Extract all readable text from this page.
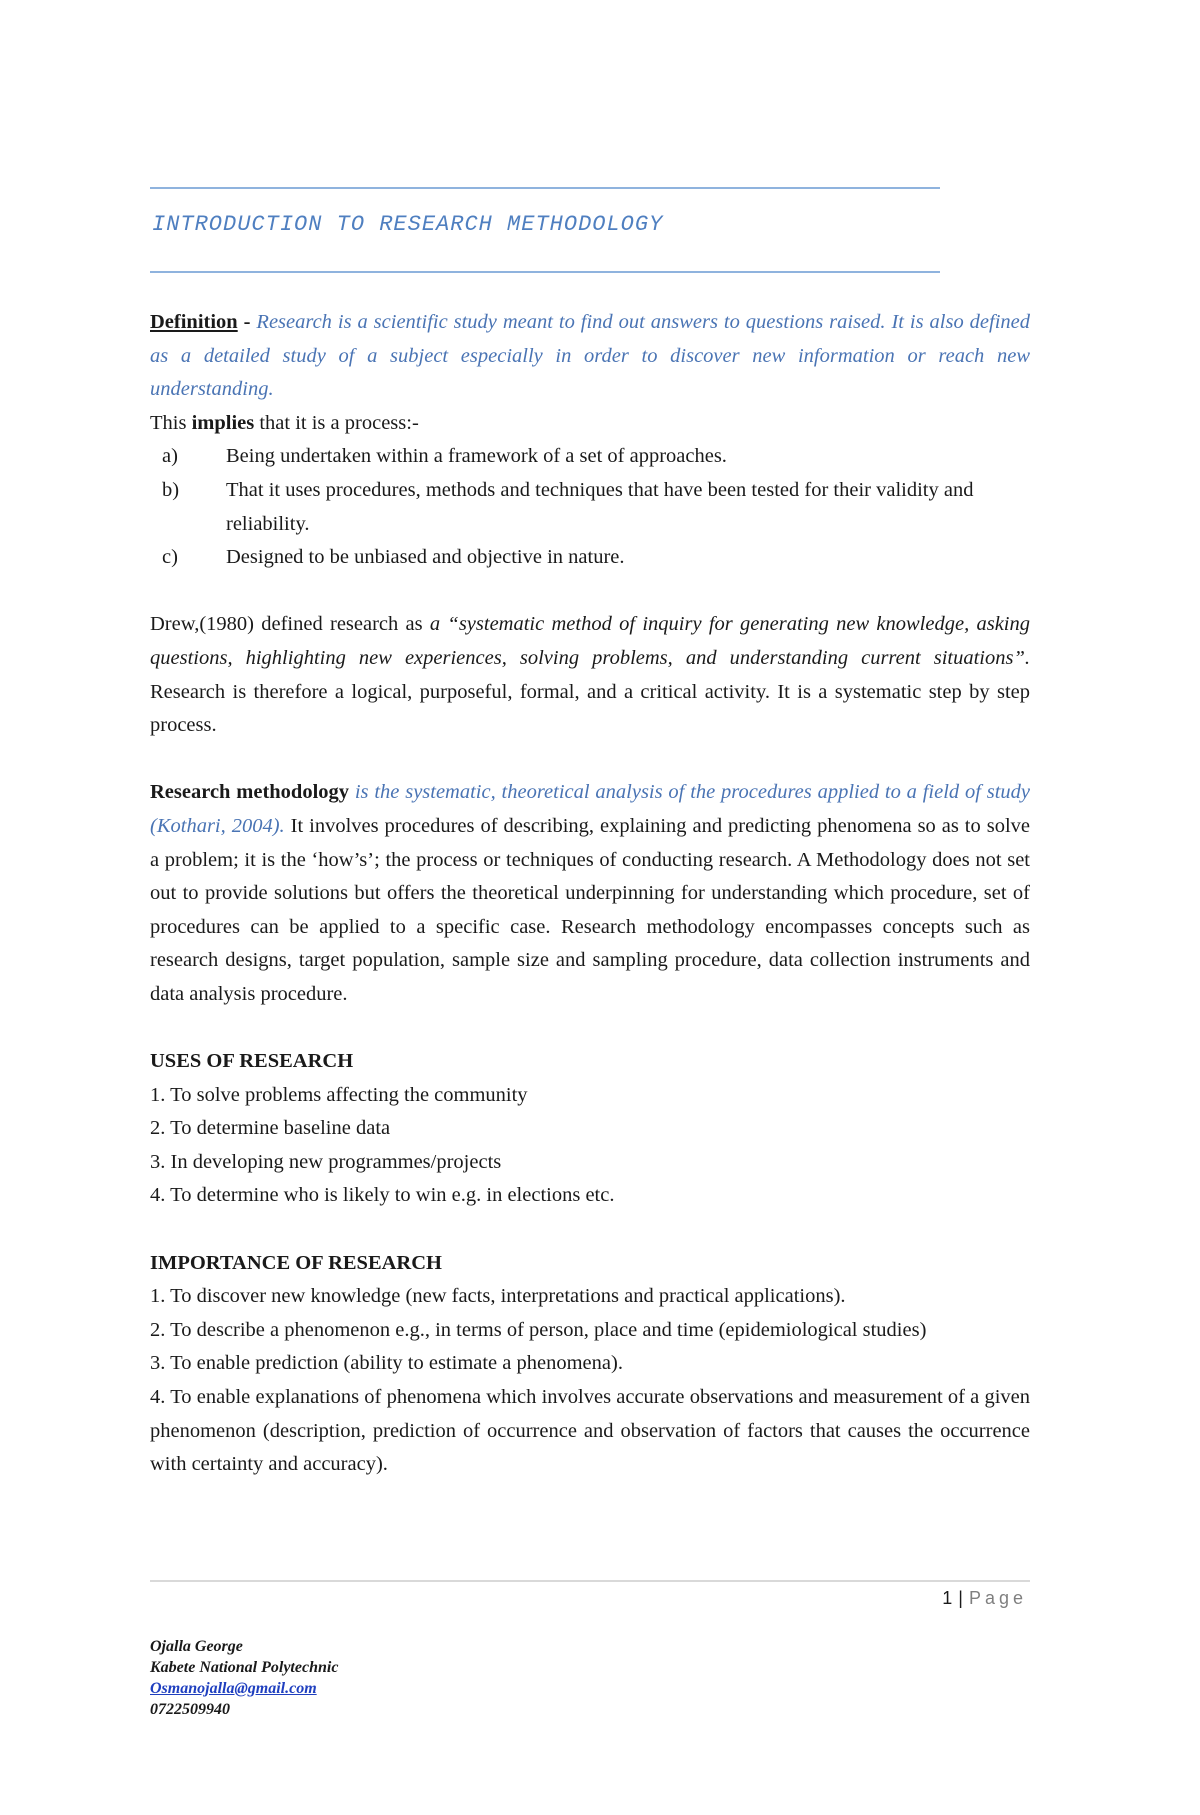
INTRODUCTION TO RESEARCH METHODOLOGY

Definition - Research is a scientific study meant to find out answers to questions raised. It is also defined as a detailed study of a subject especially in order to discover new information or reach new understanding.

This implies that it is a process:-

a) Being undertaken within a framework of a set of approaches.
b) That it uses procedures, methods and techniques that have been tested for their validity and reliability.
c) Designed to be unbiased and objective in nature.

Drew,(1980) defined research as a “systematic method of inquiry for generating new knowledge, asking questions, highlighting new experiences, solving problems, and understanding current situations”. Research is therefore a logical, purposeful, formal, and a critical activity. It is a systematic step by step process.

Research methodology is the systematic, theoretical analysis of the procedures applied to a field of study (Kothari, 2004). It involves procedures of describing, explaining and predicting phenomena so as to solve a problem; it is the ‘how’s’; the process or techniques of conducting research. A Methodology does not set out to provide solutions but offers the theoretical underpinning for understanding which procedure, set of procedures can be applied to a specific case. Research methodology encompasses concepts such as research designs, target population, sample size and sampling procedure, data collection instruments and data analysis procedure.

USES OF RESEARCH

1. To solve problems affecting the community

2. To determine baseline data

3. In developing new programmes/projects

4. To determine who is likely to win e.g. in elections etc.

IMPORTANCE OF RESEARCH

1. To discover new knowledge (new facts, interpretations and practical applications).

2. To describe a phenomenon e.g., in terms of person, place and time (epidemiological studies)

3. To enable prediction (ability to estimate a phenomena).

4. To enable explanations of phenomena which involves accurate observations and measurement of a given phenomenon (description, prediction of occurrence and observation of factors that causes the occurrence with certainty and accuracy).

1 | Page
Ojalla George
Kabete National Polytechnic
Osmanojalla@gmail.com
0722509940
